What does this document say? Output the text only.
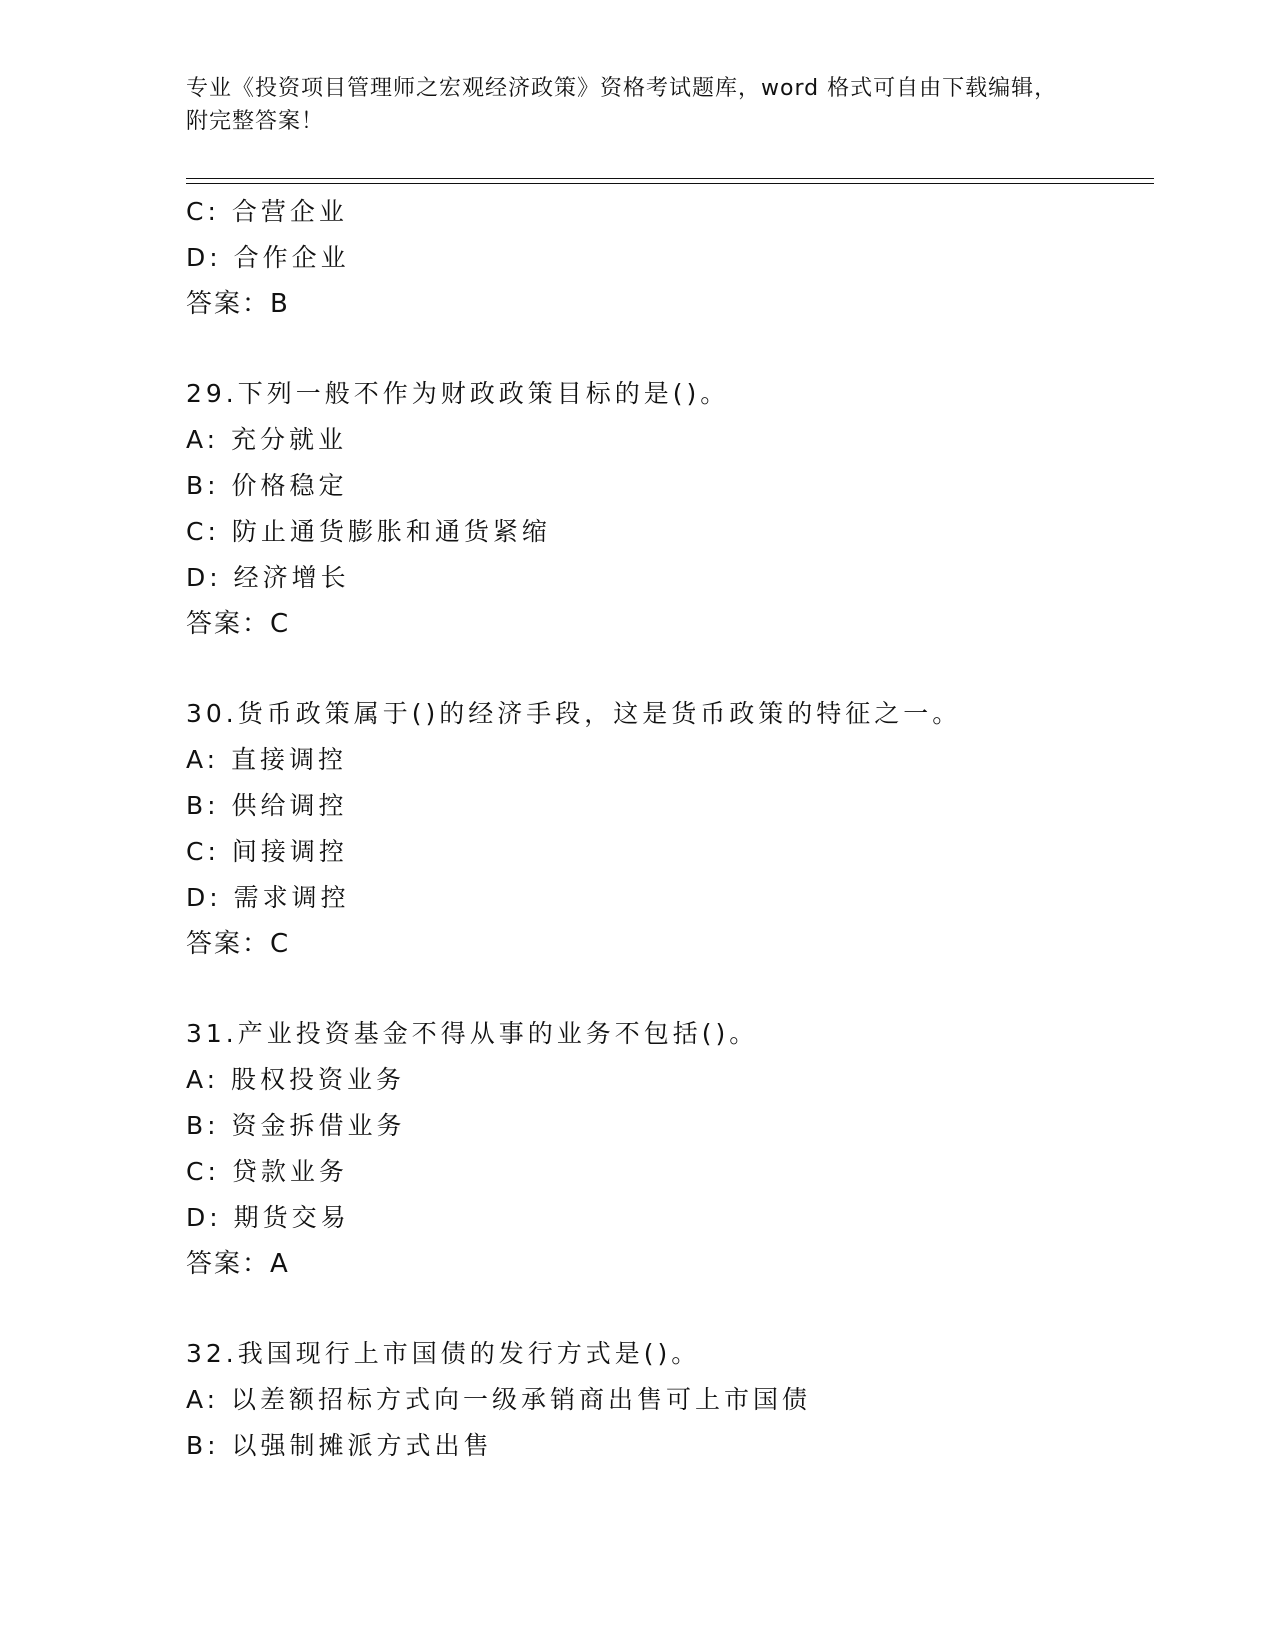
专业《投资项目管理师之宏观经济政策》资格考试题库，word 格式可自由下载编辑，附完整答案！
C: 合营企业
D: 合作企业
答案：B
29.下列一般不作为财政政策目标的是()。
A: 充分就业
B: 价格稳定
C: 防止通货膨胀和通货紧缩
D: 经济增长
答案：C
30.货币政策属于()的经济手段，这是货币政策的特征之一。
A: 直接调控
B: 供给调控
C: 间接调控
D: 需求调控
答案：C
31.产业投资基金不得从事的业务不包括()。
A: 股权投资业务
B: 资金拆借业务
C: 贷款业务
D: 期货交易
答案：A
32.我国现行上市国债的发行方式是()。
A: 以差额招标方式向一级承销商出售可上市国债
B: 以强制摊派方式出售
